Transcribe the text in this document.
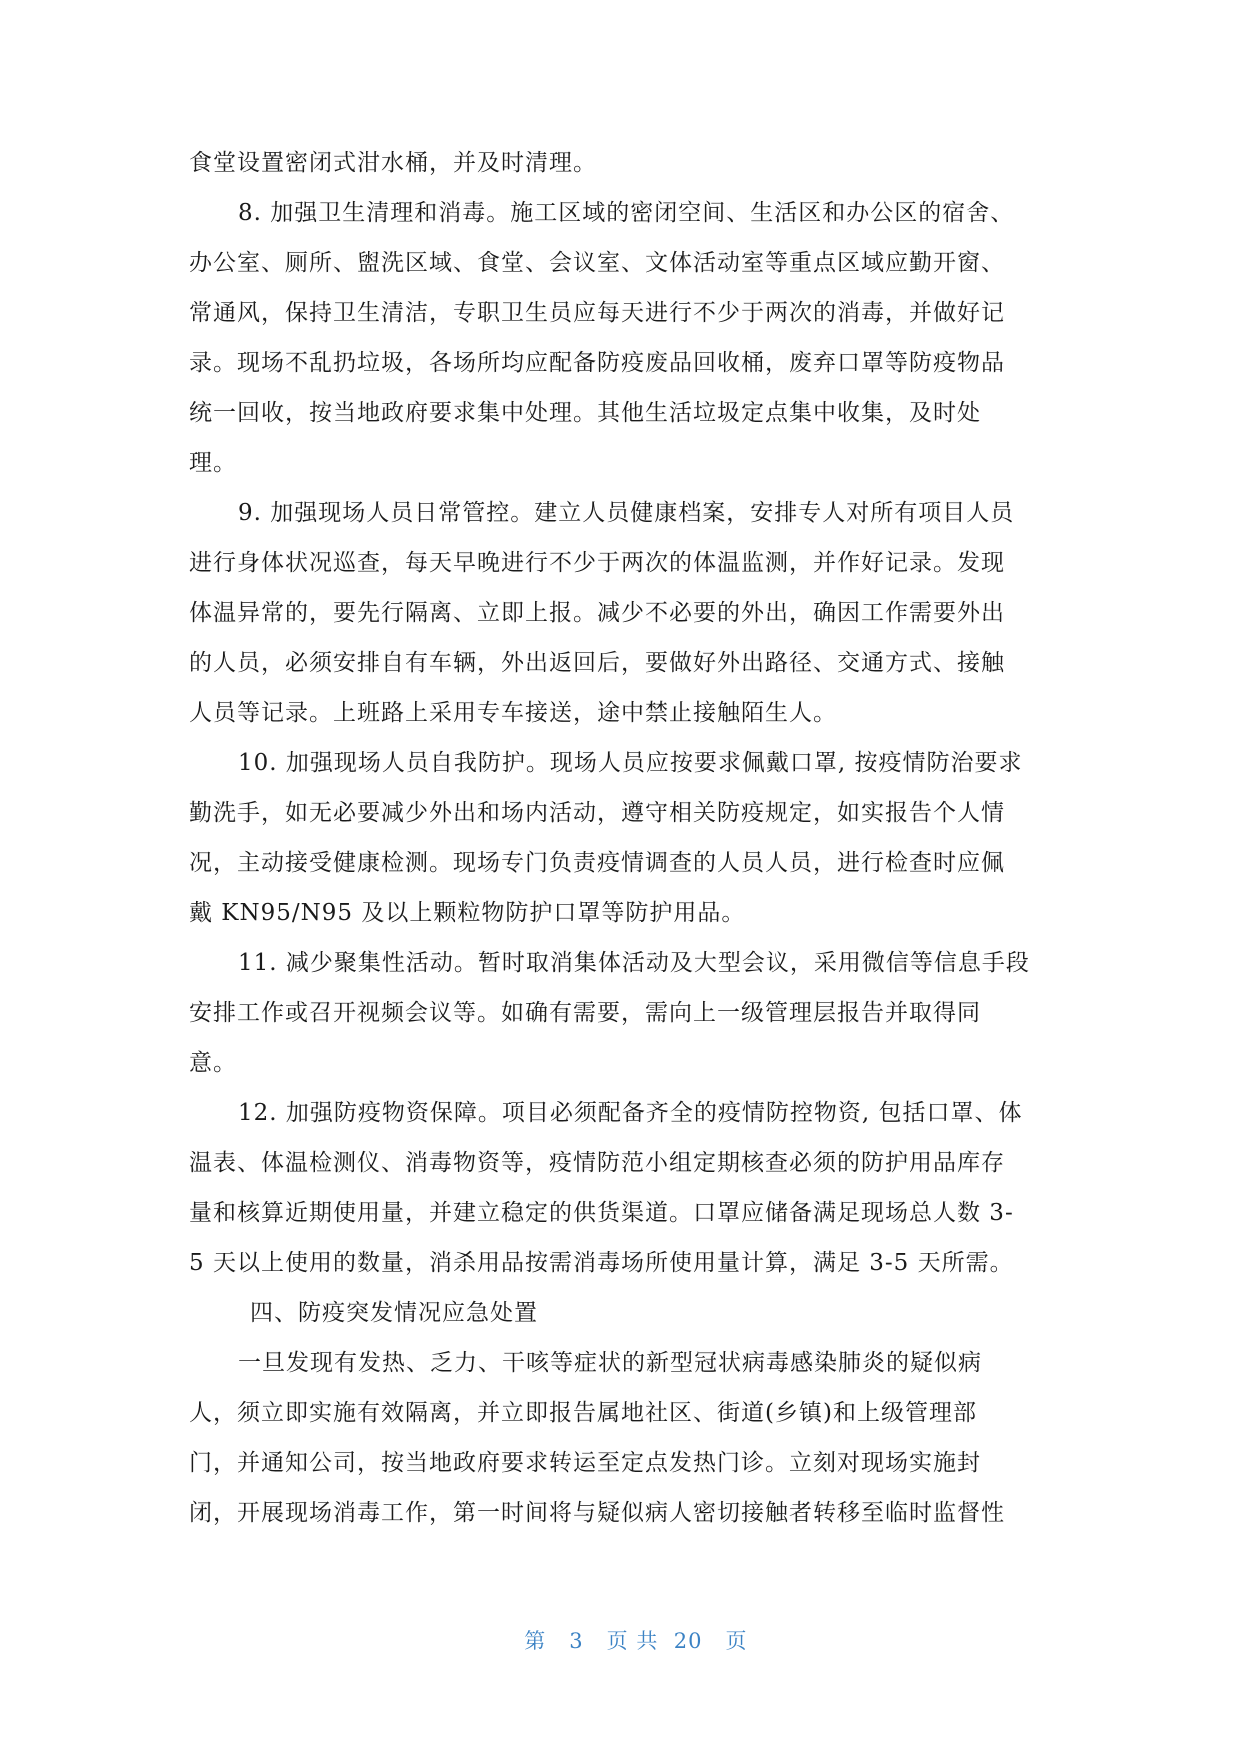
食堂设置密闭式泔水桶，并及时清理。
8. 加强卫生清理和消毒。施工区域的密闭空间、生活区和办公区的宿舍、
办公室、厕所、盥洗区域、食堂、会议室、文体活动室等重点区域应勤开窗、
常通风，保持卫生清洁，专职卫生员应每天进行不少于两次的消毒，并做好记
录。现场不乱扔垃圾，各场所均应配备防疫废品回收桶，废弃口罩等防疫物品
统一回收，按当地政府要求集中处理。其他生活垃圾定点集中收集，及时处
理。
9. 加强现场人员日常管控。建立人员健康档案，安排专人对所有项目人员
进行身体状况巡查，每天早晚进行不少于两次的体温监测，并作好记录。发现
体温异常的，要先行隔离、立即上报。减少不必要的外出，确因工作需要外出
的人员，必须安排自有车辆，外出返回后，要做好外出路径、交通方式、接触
人员等记录。上班路上采用专车接送，途中禁止接触陌生人。
10. 加强现场人员自我防护。现场人员应按要求佩戴口罩, 按疫情防治要求
勤洗手，如无必要减少外出和场内活动，遵守相关防疫规定，如实报告个人情
况，主动接受健康检测。现场专门负责疫情调查的人员人员，进行检查时应佩
戴 KN95/N95 及以上颗粒物防护口罩等防护用品。
11. 减少聚集性活动。暂时取消集体活动及大型会议，采用微信等信息手段
安排工作或召开视频会议等。如确有需要，需向上一级管理层报告并取得同
意。
12. 加强防疫物资保障。项目必须配备齐全的疫情防控物资, 包括口罩、体
温表、体温检测仪、消毒物资等，疫情防范小组定期核查必须的防护用品库存
量和核算近期使用量，并建立稳定的供货渠道。口罩应储备满足现场总人数 3-
5 天以上使用的数量，消杀用品按需消毒场所使用量计算，满足 3-5 天所需。
四、防疫突发情况应急处置
一旦发现有发热、乏力、干咳等症状的新型冠状病毒感染肺炎的疑似病
人，须立即实施有效隔离，并立即报告属地社区、街道(乡镇)和上级管理部
门，并通知公司，按当地政府要求转运至定点发热门诊。立刻对现场实施封
闭，开展现场消毒工作，第一时间将与疑似病人密切接触者转移至临时监督性

第 3 页 共 20 页
